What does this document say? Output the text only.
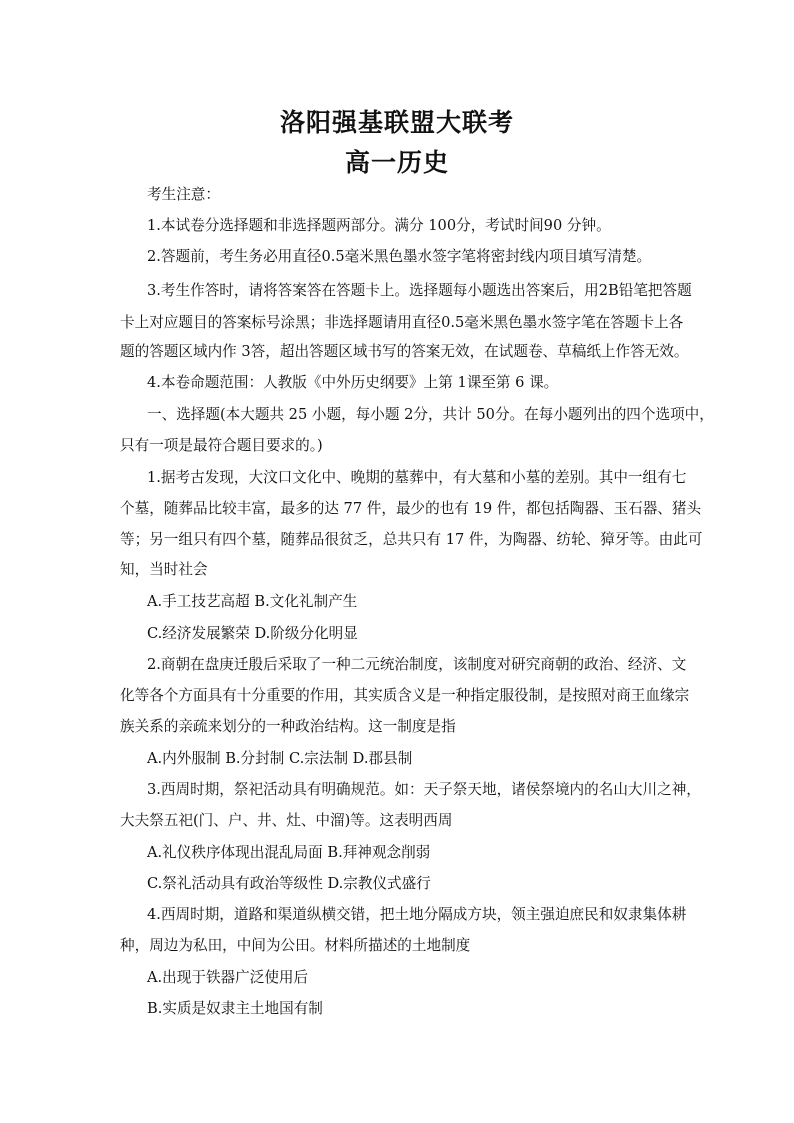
洛阳强基联盟大联考
高一历史
考生注意：
1.本试卷分选择题和非选择题两部分。满分 100分，考试时间90 分钟。
2.答题前，考生务必用直径0.5毫米黑色墨水签字笔将密封线内项目填写清楚。
3.考生作答时，请将答案答在答题卡上。选择题每小题选出答案后，用2B铅笔把答题
卡上对应题目的答案标号涂黑；非选择题请用直径0.5毫米黑色墨水签字笔在答题卡上各
题的答题区域内作 3答，超出答题区域书写的答案无效，在试题卷、草稿纸上作答无效。
4.本卷命题范围：人教版《中外历史纲要》上第 1课至第 6 课。
一、选择题(本大题共 25 小题，每小题 2分，共计 50分。在每小题列出的四个选项中，
只有一项是最符合题目要求的。)
1.据考古发现，大汶口文化中、晚期的墓葬中，有大墓和小墓的差别。其中一组有七
个墓，随葬品比较丰富，最多的达 77 件，最少的也有 19 件，都包括陶器、玉石器、猪头
等；另一组只有四个墓，随葬品很贫乏，总共只有 17 件，为陶器、纺轮、獐牙等。由此可
知，当时社会
A.手工技艺高超 B.文化礼制产生
C.经济发展繁荣 D.阶级分化明显
2.商朝在盘庚迁殷后采取了一种二元统治制度，该制度对研究商朝的政治、经济、文
化等各个方面具有十分重要的作用，其实质含义是一种指定服役制，是按照对商王血缘宗
族关系的亲疏来划分的一种政治结构。这一制度是指
A.内外服制 B.分封制 C.宗法制 D.郡县制
3.西周时期，祭祀活动具有明确规范。如：天子祭天地，诸侯祭境内的名山大川之神，
大夫祭五祀(门、户、井、灶、中溜)等。这表明西周
A.礼仪秩序体现出混乱局面 B.拜神观念削弱
C.祭礼活动具有政治等级性 D.宗教仪式盛行
4.西周时期，道路和渠道纵横交错，把土地分隔成方块，领主强迫庶民和奴隶集体耕
种，周边为私田，中间为公田。材料所描述的土地制度
A.出现于铁器广泛使用后
B.实质是奴隶主土地国有制
